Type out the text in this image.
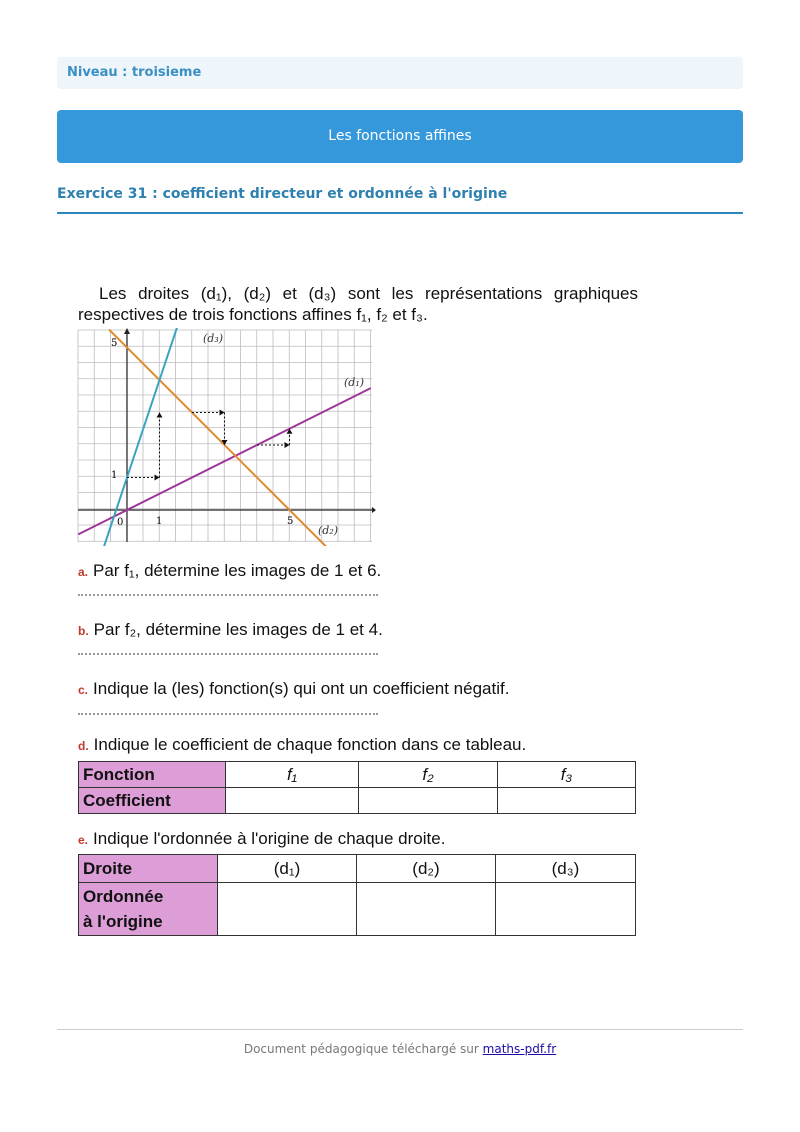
Niveau : troisieme
Les fonctions affines
Exercice 31 : coefficient directeur et ordonnée à l'origine
Les droites (d₁), (d₂) et (d₃) sont les représentations graphiques
respectives de trois fonctions affines f₁, f₂ et f₃.
5
1
0	1	5
(d₃)
(d₁)
(d₂)
a. Par f₁, détermine les images de 1 et 6.
b. Par f₂, détermine les images de 1 et 4.
c. Indique la (les) fonction(s) qui ont un coefficient négatif.
d. Indique le coefficient de chaque fonction dans ce tableau.
Fonction	f₁	f₂	f₃
Coefficient			
e. Indique l'ordonnée à l'origine de chaque droite.
Droite	(d₁)	(d₂)	(d₃)
Ordonnée
à l'origine			
Document pédagogique téléchargé sur maths-pdf.fr
